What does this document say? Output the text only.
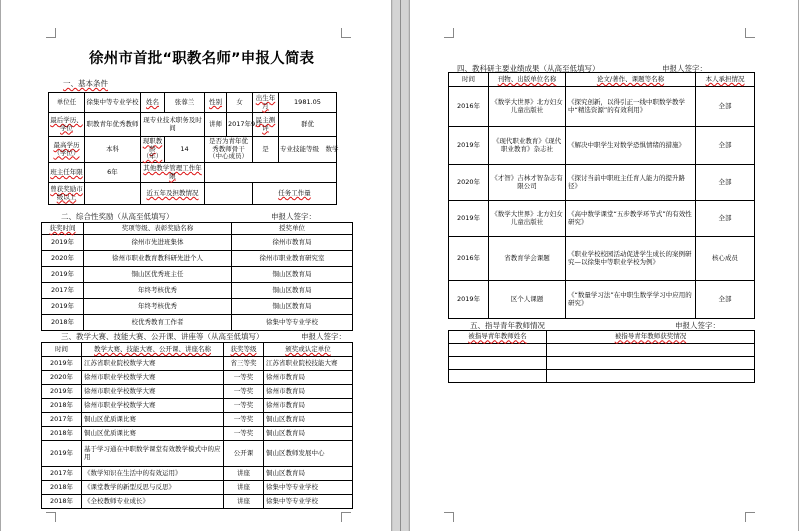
徐州市首批“职教名师”申报人简表
一、基本条件
单位任	徐集中等专业学校	姓名	张蓉兰	性别	女	出生年月	1981.05
最后学历、学位	职教青年优秀教师	现专业技术职务及时间		讲师	2017年9月	民主测评	群优
最高学历（学位）	本科	现职教龄（年）	14	是否为青年优秀教师骨干（中心成员）		是	专业技能等级　 数学
班主任年限	6年	其他教学管理工作年限					
曾获奖励市级以上		近五年及担教情况				任务工作量	
二、综合性奖励（从高至低填写）	申报人签字：
获奖时间	奖项等级、表彰奖励名称	授奖单位
2019年	徐州市先进班集体	徐州市教育局
2020年	徐州市职业教育教科研先进个人	徐州市职业教育研究室
2019年	铜山区优秀班主任	铜山区教育局
2017年	年终考核优秀	铜山区教育局
2019年	年终考核优秀	铜山区教育局
2018年	校优秀教育工作者	徐集中等专业学校
三、教学大赛、技能大赛、公开课、讲座等（从高至低填写）	申报人签字：
时间	教学大赛、技能大赛、公开课、讲座名称	获奖等级	颁奖或认定单位
2019年	江苏省职业院校数学大赛	省三等奖	江苏省职业院校技能大赛
2020年	徐州市职业学校数学大赛	一等奖	徐州市教育局
2019年	徐州市职业学校数学大赛	一等奖	徐州市教育局
2018年	徐州市职业学校数学大赛	一等奖	徐州市教育局
2017年	铜山区优质课比赛	一等奖	铜山区教育局
2018年	铜山区优质课比赛	一等奖	铜山区教育局
2019年	基于学习通在中职数学课堂有效教学模式中的应用	公开课	铜山区教师发展中心
2017年	《数学知识在生活中的有效运用》	讲座	铜山区教育局
2018年	《课堂教学的新型反思与反思》	讲座	徐集中等专业学校
2018年	《全校教师专业成长》	讲座	徐集中等专业学校
四、教科研主要业绩成果（从高至低填写）	申报人签字：
时间	刊物、出版单位名称	论文/著作、课题等名称	本人承担情况
2016年	《数学大世界》北方妇女儿童出版社	《探究创新，以得引正一线中职数学教学中“精选资源”的有效利用》	全部
2019年	《现代职业教育》《现代职业教育》杂志社	《解决中职学生对数学恐惧情绪的措施》	全部
2020年	《才智》吉林才智杂志有限公司	《探讨当前中职班主任育人能力的提升路径》	全部
2019年	《数学大世界》北方妇女儿童出版社	《高中数学课堂“五步教学环节式”的有效性研究》	全部
2016年	省教育学会课题	《职业学校校园活动促进学生成长的案例研究—以徐集中等职业学校为例》	核心成员
2019年	区个人课题	《“数量学习法”在中职生数学学习中应用的研究》	全部
五、指导青年教师情况	申报人签字：
被指导青年教师姓名	被指导青年教师获奖情况
